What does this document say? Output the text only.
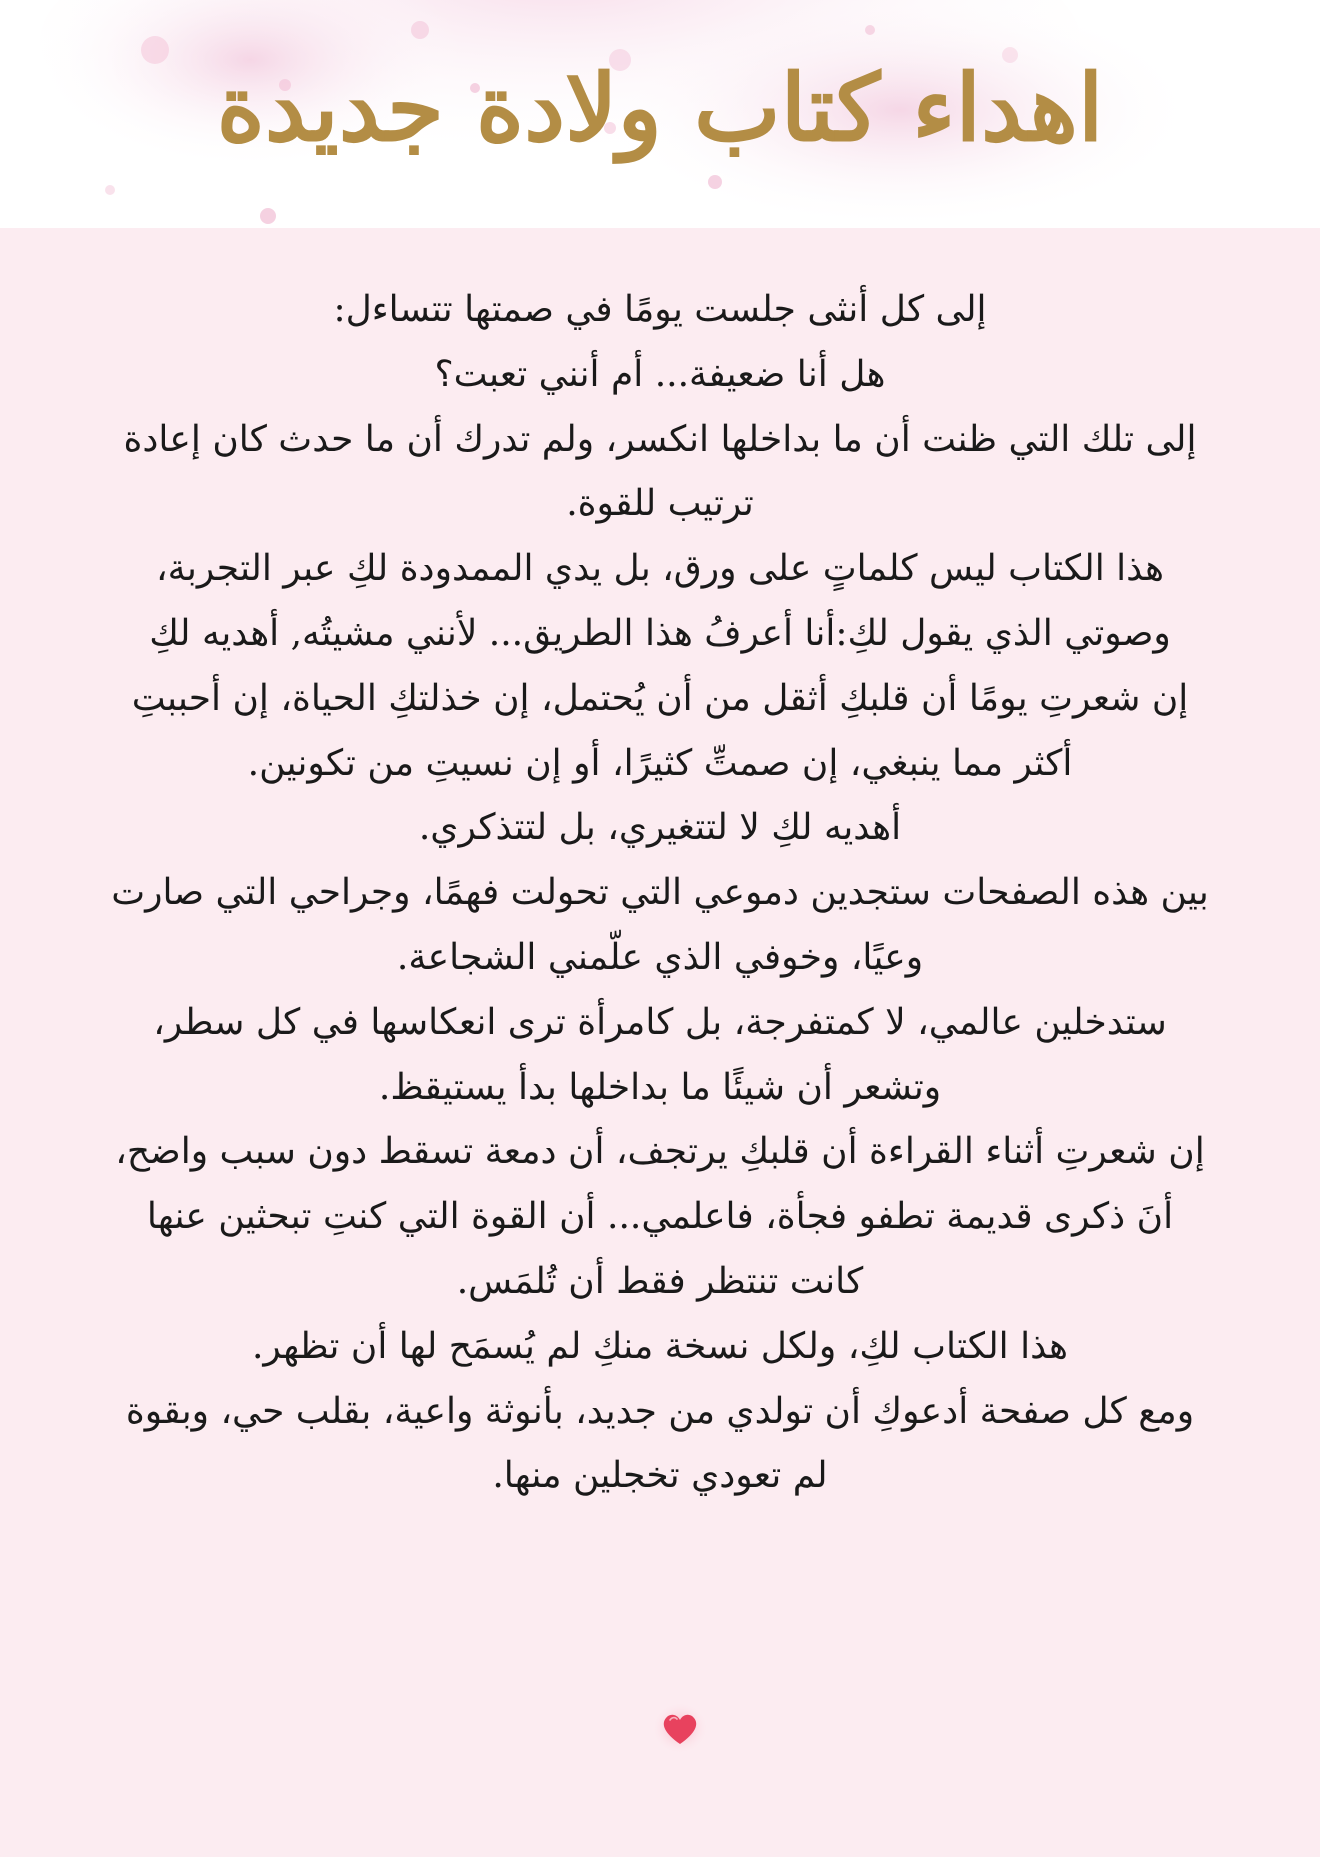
اهداء كتاب ولادة جديدة

إلى كل أنثى جلست يومًا في صمتها تتساءل:

هل أنا ضعيفة... أم أنني تعبت؟

إلى تلك التي ظنت أن ما بداخلها انكسر، ولم تدرك أن ما حدث كان إعادة ترتيب للقوة.

هذا الكتاب ليس كلماتٍ على ورق، بل يدي الممدودة لكِ عبر التجربة، وصوتي الذي يقول لكِ:أنا أعرفُ هذا الطريق... لأنني مشيتُه, أهديه لكِ

إن شعرتِ يومًا أن قلبكِ أثقل من أن يُحتمل، إن خذلتكِ الحياة، إن أحببتِ أكثر مما ينبغي، إن صمتِّ كثيرًا، أو إن نسيتِ من تكونين.

أهديه لكِ لا لتتغيري، بل لتتذكري.

بين هذه الصفحات ستجدين دموعي التي تحولت فهمًا، وجراحي التي صارت وعيًا، وخوفي الذي علّمني الشجاعة.

ستدخلين عالمي، لا كمتفرجة، بل كامرأة ترى انعكاسها في كل سطر، وتشعر أن شيئًا ما بداخلها بدأ يستيقظ.

إن شعرتِ أثناء القراءة أن قلبكِ يرتجف، أن دمعة تسقط دون سبب واضح، أنَ ذكرى قديمة تطفو فجأة، فاعلمي... أن القوة التي كنتِ تبحثين عنها كانت تنتظر فقط أن تُلمَس.

هذا الكتاب لكِ، ولكل نسخة منكِ لم يُسمَح لها أن تظهر.

ومع كل صفحة أدعوكِ أن تولدي من جديد، بأنوثة واعية، بقلب حي، وبقوة لم تعودي تخجلين منها.
